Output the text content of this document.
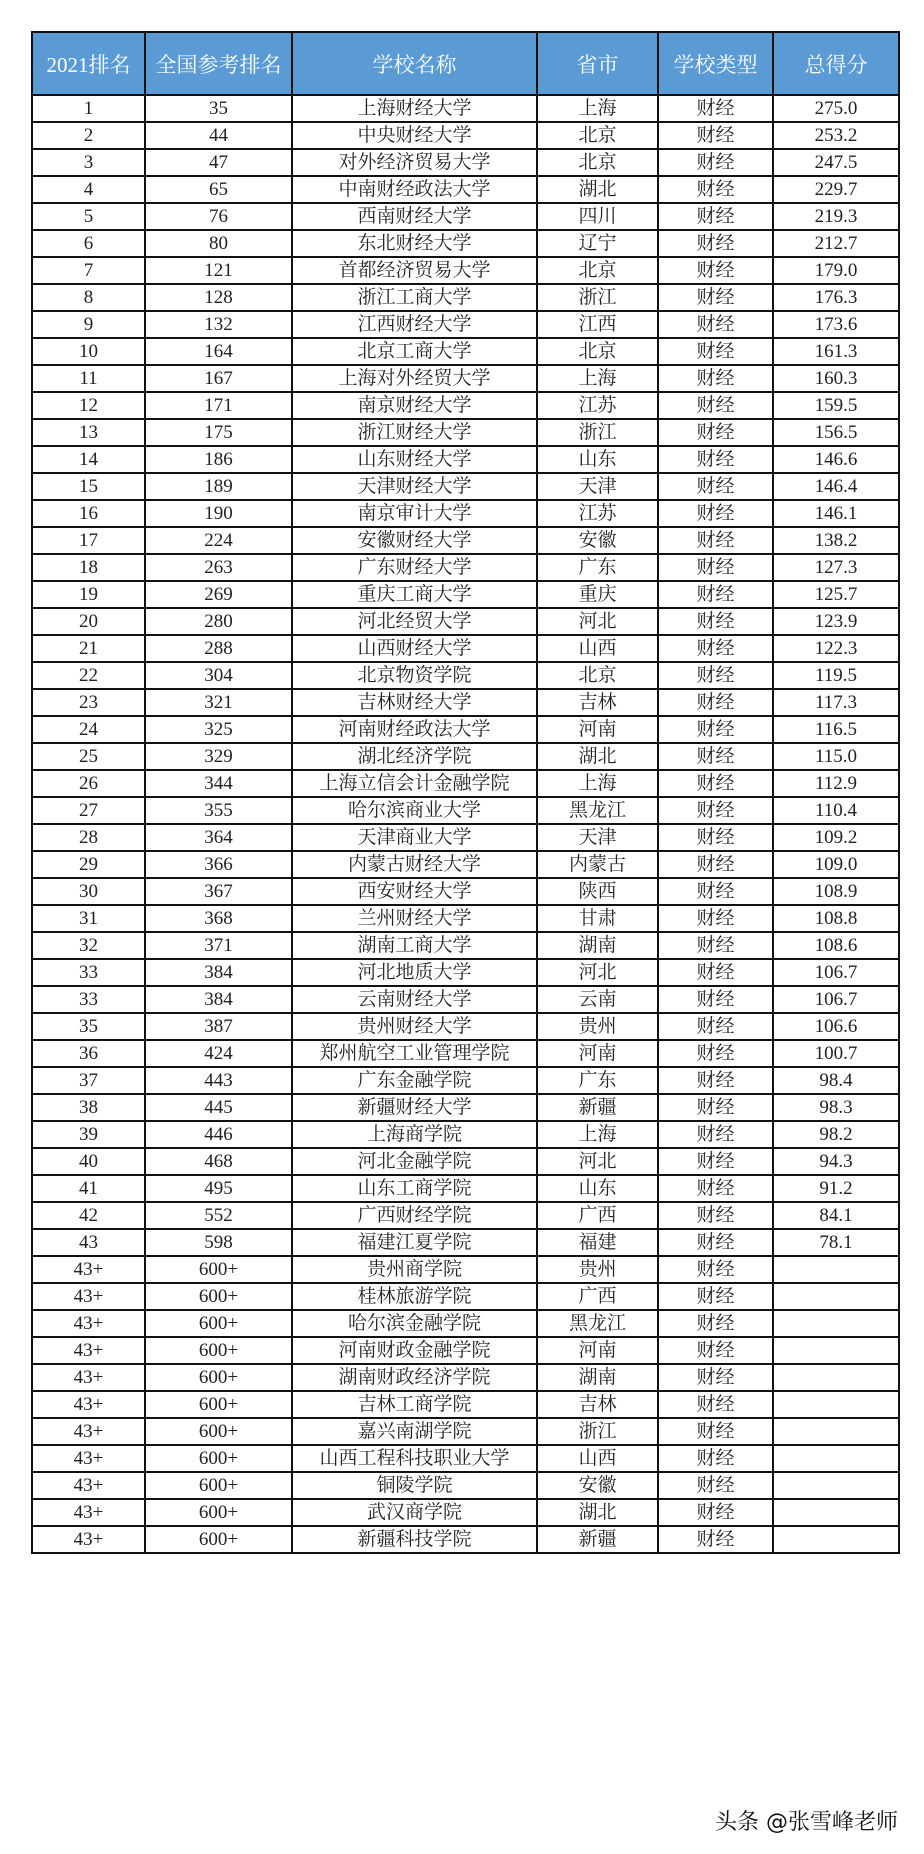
2021排名	全国参考排名	学校名称	省市	学校类型	总得分
1	35	上海财经大学	上海	财经	275.0
2	44	中央财经大学	北京	财经	253.2
3	47	对外经济贸易大学	北京	财经	247.5
4	65	中南财经政法大学	湖北	财经	229.7
5	76	西南财经大学	四川	财经	219.3
6	80	东北财经大学	辽宁	财经	212.7
7	121	首都经济贸易大学	北京	财经	179.0
8	128	浙江工商大学	浙江	财经	176.3
9	132	江西财经大学	江西	财经	173.6
10	164	北京工商大学	北京	财经	161.3
11	167	上海对外经贸大学	上海	财经	160.3
12	171	南京财经大学	江苏	财经	159.5
13	175	浙江财经大学	浙江	财经	156.5
14	186	山东财经大学	山东	财经	146.6
15	189	天津财经大学	天津	财经	146.4
16	190	南京审计大学	江苏	财经	146.1
17	224	安徽财经大学	安徽	财经	138.2
18	263	广东财经大学	广东	财经	127.3
19	269	重庆工商大学	重庆	财经	125.7
20	280	河北经贸大学	河北	财经	123.9
21	288	山西财经大学	山西	财经	122.3
22	304	北京物资学院	北京	财经	119.5
23	321	吉林财经大学	吉林	财经	117.3
24	325	河南财经政法大学	河南	财经	116.5
25	329	湖北经济学院	湖北	财经	115.0
26	344	上海立信会计金融学院	上海	财经	112.9
27	355	哈尔滨商业大学	黑龙江	财经	110.4
28	364	天津商业大学	天津	财经	109.2
29	366	内蒙古财经大学	内蒙古	财经	109.0
30	367	西安财经大学	陕西	财经	108.9
31	368	兰州财经大学	甘肃	财经	108.8
32	371	湖南工商大学	湖南	财经	108.6
33	384	河北地质大学	河北	财经	106.7
33	384	云南财经大学	云南	财经	106.7
35	387	贵州财经大学	贵州	财经	106.6
36	424	郑州航空工业管理学院	河南	财经	100.7
37	443	广东金融学院	广东	财经	98.4
38	445	新疆财经大学	新疆	财经	98.3
39	446	上海商学院	上海	财经	98.2
40	468	河北金融学院	河北	财经	94.3
41	495	山东工商学院	山东	财经	91.2
42	552	广西财经学院	广西	财经	84.1
43	598	福建江夏学院	福建	财经	78.1
43+	600+	贵州商学院	贵州	财经	
43+	600+	桂林旅游学院	广西	财经	
43+	600+	哈尔滨金融学院	黑龙江	财经	
43+	600+	河南财政金融学院	河南	财经	
43+	600+	湖南财政经济学院	湖南	财经	
43+	600+	吉林工商学院	吉林	财经	
43+	600+	嘉兴南湖学院	浙江	财经	
43+	600+	山西工程科技职业大学	山西	财经	
43+	600+	铜陵学院	安徽	财经	
43+	600+	武汉商学院	湖北	财经	
43+	600+	新疆科技学院	新疆	财经	
头条 @张雪峰老师
